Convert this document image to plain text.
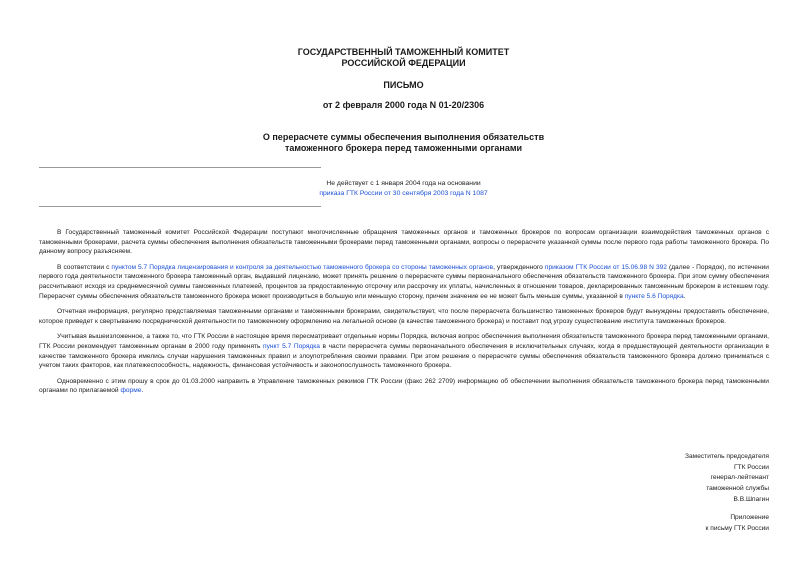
ГОСУДАРСТВЕННЫЙ ТАМОЖЕННЫЙ КОМИТЕТ
РОССИЙСКОЙ ФЕДЕРАЦИИ
ПИСЬМО
от 2 февраля 2000 года N 01-20/2306
О перерасчете суммы обеспечения выполнения обязательств
таможенного брокера перед таможенными органами
Не действует с 1 января 2004 года на основании
приказа ГТК России от 30 сентября 2003 года N 1087

В Государственный таможенный комитет Российской Федерации поступают многочисленные обращения таможенных органов и таможенных брокеров по вопросам организации взаимодействия таможенных органов с таможенными брокерами, расчета суммы обеспечения выполнения обязательств таможенными брокерами перед таможенными органами, вопросы о перерасчете указанной суммы после первого года работы таможенного брокера. По данному вопросу разъясняем.

В соответствии с пунктом 5.7 Порядка лицензирования и контроля за деятельностью таможенного брокера со стороны таможенных органов, утвержденного приказом ГТК России от 15.06.98 N 392 (далее - Порядок), по истечении первого года деятельности таможенного брокера таможенный орган, выдавший лицензию, может принять решение о перерасчете суммы первоначального обеспечения обязательств таможенного брокера. При этом сумму обеспечения рассчитывают исходя из среднемесячной суммы таможенных платежей, процентов за предоставленную отсрочку или рассрочку их уплаты, начисленных в отношении товаров, декларированных таможенным брокером в истекшем году. Перерасчет суммы обеспечения обязательств таможенного брокера может производиться в большую или меньшую сторону, причем значение ее не может быть меньше суммы, указанной в пункте 5.6 Порядка.

Отчетная информация, регулярно представляемая таможенными органами и таможенными брокерами, свидетельствует, что после перерасчета большинство таможенных брокеров будут вынуждены предоставить обеспечение, которое приведет к свертыванию посреднической деятельности по таможенному оформлению на легальной основе (в качестве таможенного брокера) и поставит под угрозу существование института таможенных брокеров.

Учитывая вышеизложенное, а также то, что ГТК России в настоящее время пересматривает отдельные нормы Порядка, включая вопрос обеспечения выполнения обязательств таможенного брокера перед таможенными органами, ГТК России рекомендует таможенным органам в 2000 году применять пункт 5.7 Порядка в части перерасчета суммы первоначального обеспечения в исключительных случаях, когда в предшествующей деятельности организации в качестве таможенного брокера имелись случаи нарушения таможенных правил и злоупотребления своими правами. При этом решение о перерасчете суммы обеспечения обязательств таможенного брокера должно приниматься с учетом таких факторов, как платежеспособность, надежность, финансовая устойчивость и законопослушность таможенного брокера.

Одновременно с этим прошу в срок до 01.03.2000 направить в Управление таможенных режимов ГТК России (факс 262 2709) информацию об обеспечении выполнения обязательств таможенного брокера перед таможенными органами по прилагаемой форме.

Заместитель председателя
ГТК России
генерал-лейтенант
таможенной службы
В.В.Шпагин
Приложение
к письму ГТК России
